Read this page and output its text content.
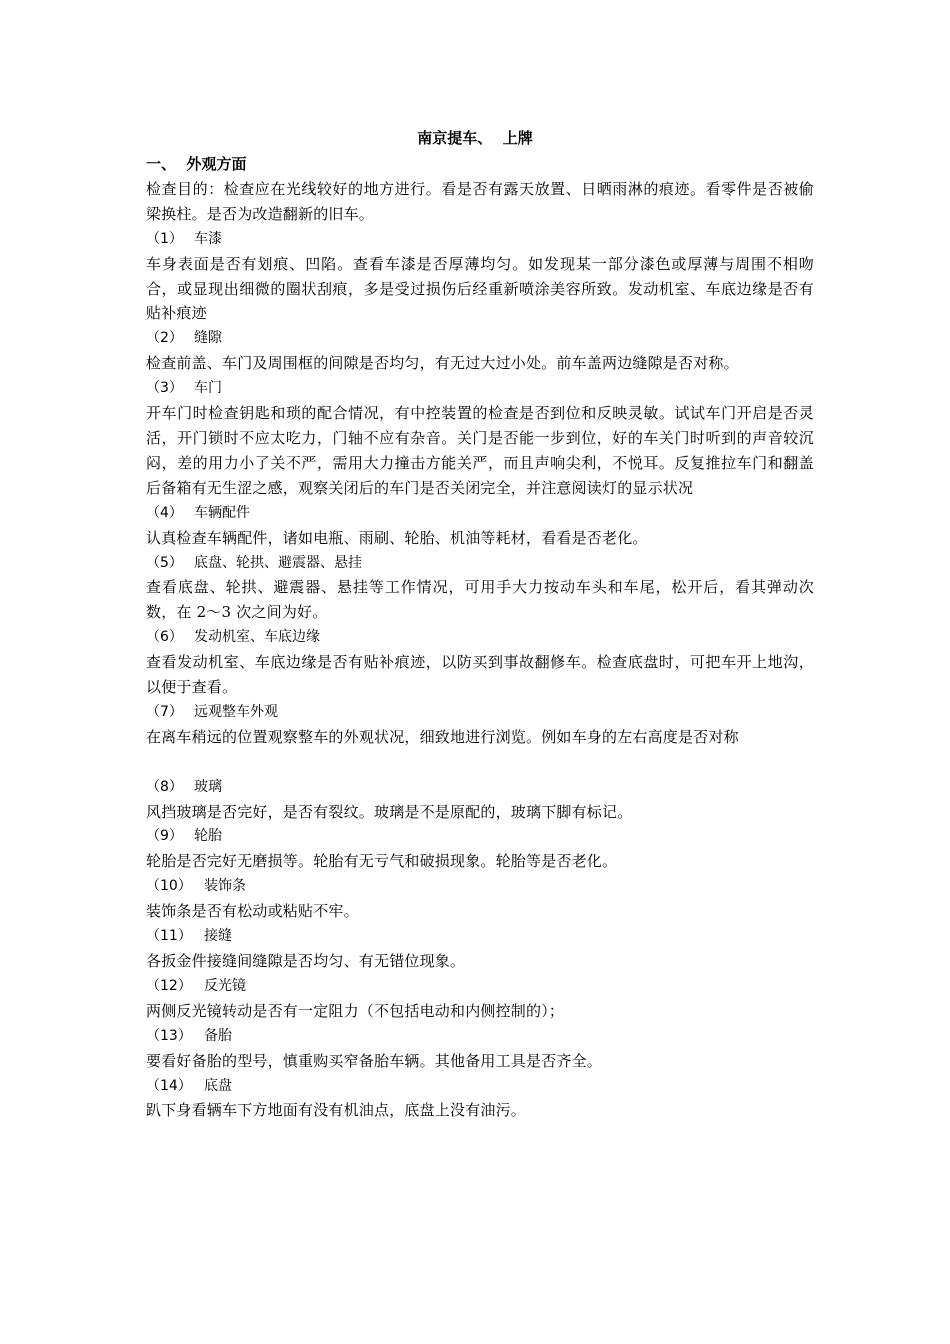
南京提车、  上牌

一、  外观方面

检查目的：检查应在光线较好的地方进行。看是否有露天放置、日晒雨淋的痕迹。看零件是否被偷梁换柱。是否为改造翻新的旧车。

（1） 车漆

车身表面是否有划痕、凹陷。查看车漆是否厚薄均匀。如发现某一部分漆色或厚薄与周围不相吻合，或显现出细微的圈状刮痕，多是受过损伤后经重新喷涂美容所致。发动机室、车底边缘是否有贴补痕迹

（2） 缝隙

检查前盖、车门及周围框的间隙是否均匀，有无过大过小处。前车盖两边缝隙是否对称。

（3） 车门

开车门时检查钥匙和琐的配合情况，有中控装置的检查是否到位和反映灵敏。试试车门开启是否灵活，开门锁时不应太吃力，门轴不应有杂音。关门是否能一步到位，好的车关门时听到的声音较沉闷，差的用力小了关不严，需用大力撞击方能关严，而且声响尖利，不悦耳。反复推拉车门和翻盖后备箱有无生涩之感，观察关闭后的车门是否关闭完全，并注意阅读灯的显示状况

（4） 车辆配件

认真检查车辆配件，诸如电瓶、雨刷、轮胎、机油等耗材，看看是否老化。

（5） 底盘、轮拱、避震器、悬挂

查看底盘、轮拱、避震器、悬挂等工作情况，可用手大力按动车头和车尾，松开后，看其弹动次数，在 2～3 次之间为好。

（6） 发动机室、车底边缘

查看发动机室、车底边缘是否有贴补痕迹，以防买到事故翻修车。检查底盘时，可把车开上地沟，以便于查看。

（7） 远观整车外观

在离车稍远的位置观察整车的外观状况，细致地进行浏览。例如车身的左右高度是否对称

（8） 玻璃

风挡玻璃是否完好，是否有裂纹。玻璃是不是原配的，玻璃下脚有标记。

（9） 轮胎

轮胎是否完好无磨损等。轮胎有无亏气和破损现象。轮胎等是否老化。

（10） 装饰条

装饰条是否有松动或粘贴不牢。

（11） 接缝

各扳金件接缝间缝隙是否均匀、有无错位现象。

（12） 反光镜

两侧反光镜转动是否有一定阻力（不包括电动和内侧控制的）；

（13） 备胎

要看好备胎的型号，慎重购买窄备胎车辆。其他备用工具是否齐全。

（14） 底盘

趴下身看辆车下方地面有没有机油点，底盘上没有油污。
